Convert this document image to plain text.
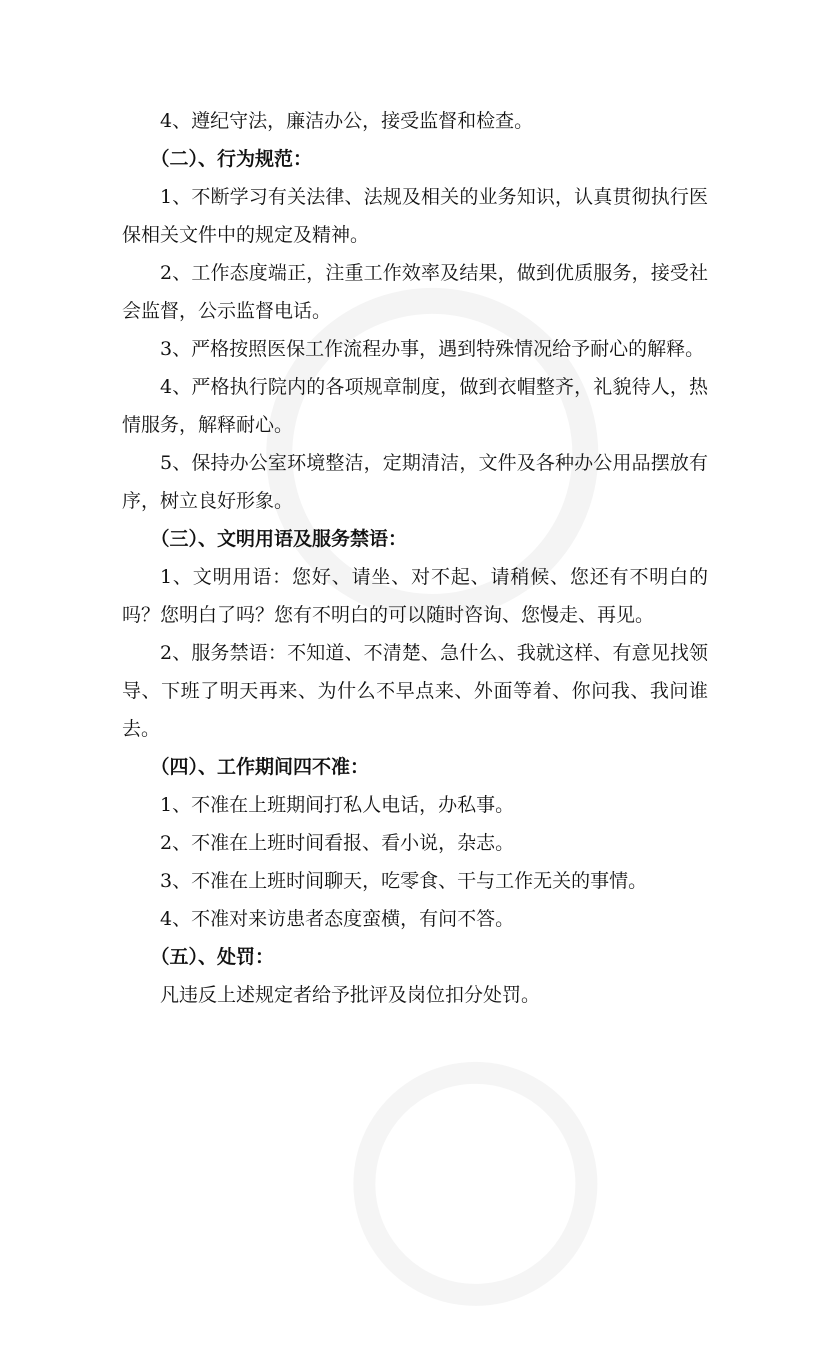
4、遵纪守法，廉洁办公，接受监督和检查。

（二）、行为规范：

1、不断学习有关法律、法规及相关的业务知识，认真贯彻执行医保相关文件中的规定及精神。

2、工作态度端正，注重工作效率及结果，做到优质服务，接受社会监督，公示监督电话。

3、严格按照医保工作流程办事，遇到特殊情况给予耐心的解释。

4、严格执行院内的各项规章制度，做到衣帽整齐，礼貌待人，热情服务，解释耐心。

5、保持办公室环境整洁，定期清洁，文件及各种办公用品摆放有序，树立良好形象。

（三）、文明用语及服务禁语：

1、文明用语：您好、请坐、对不起、请稍候、您还有不明白的吗？您明白了吗？您有不明白的可以随时咨询、您慢走、再见。

2、服务禁语：不知道、不清楚、急什么、我就这样、有意见找领导、下班了明天再来、为什么不早点来、外面等着、你问我、我问谁去。

（四）、工作期间四不准：

1、不准在上班期间打私人电话，办私事。

2、不准在上班时间看报、看小说，杂志。

3、不准在上班时间聊天，吃零食、干与工作无关的事情。

4、不准对来访患者态度蛮横，有问不答。

（五）、处罚：

凡违反上述规定者给予批评及岗位扣分处罚。
